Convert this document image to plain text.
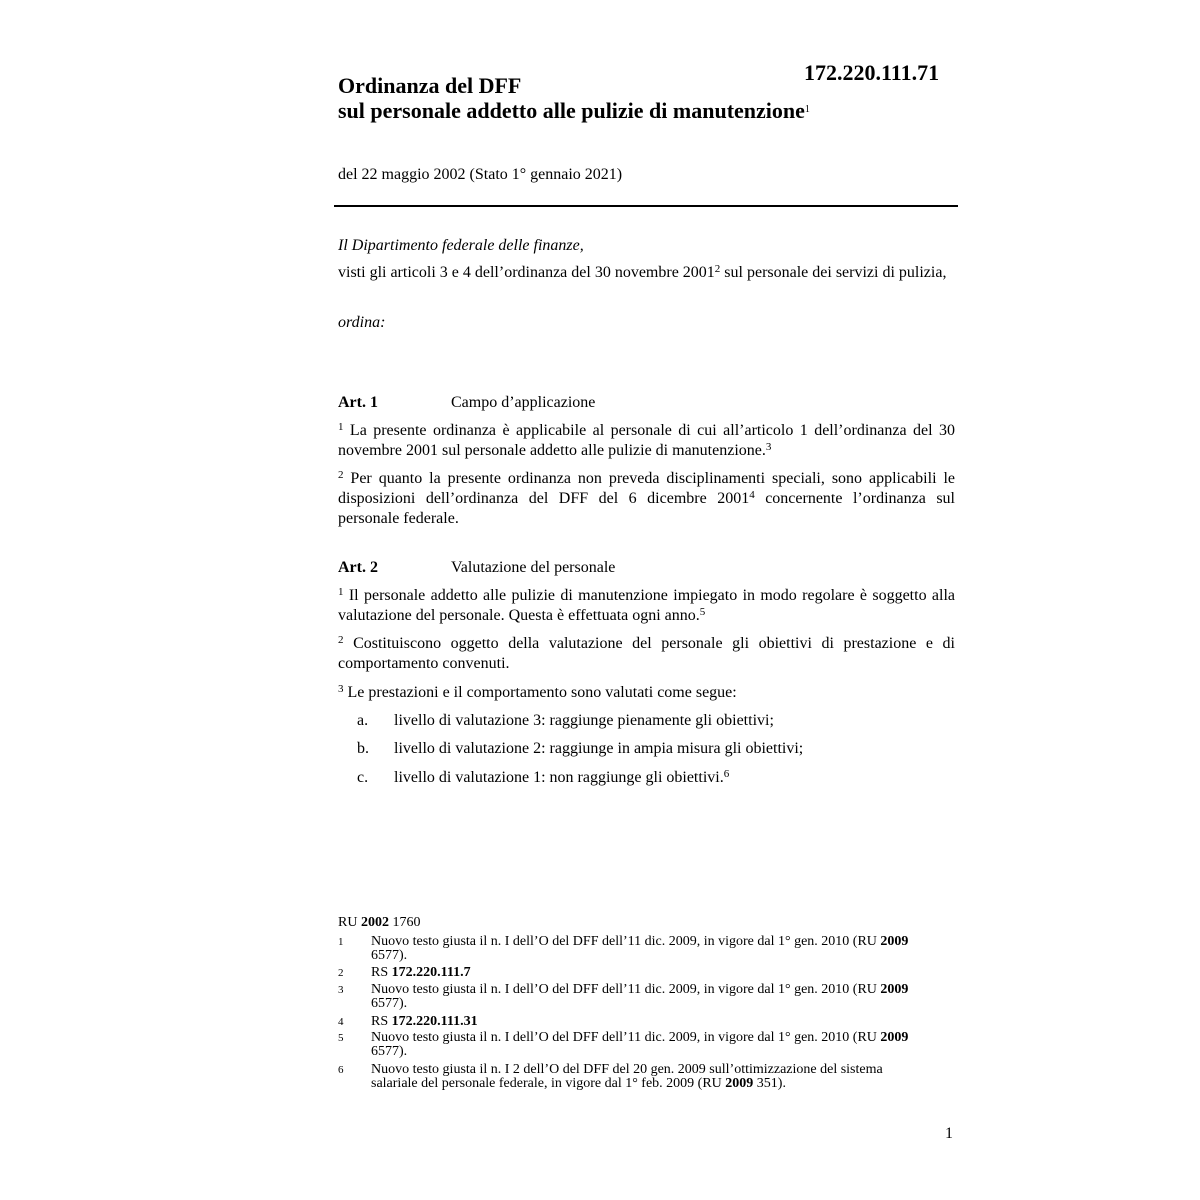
172.220.111.71
Ordinanza del DFF
sul personale addetto alle pulizie di manutenzione$^1$
del 22 maggio 2002 (Stato 1° gennaio 2021)
Il Dipartimento federale delle finanze,
visti gli articoli 3 e 4 dell’ordinanza del 30 novembre 2001$^2$ sul personale dei servizi di pulizia,
ordina:
Art. 1	Campo d’applicazione
$^1$ La presente ordinanza è applicabile al personale di cui all’articolo 1 dell’ordinanza del 30 novembre 2001 sul personale addetto alle pulizie di manutenzione.$^3$
$^2$ Per quanto la presente ordinanza non preveda disciplinamenti speciali, sono applicabili le disposizioni dell’ordinanza del DFF del 6 dicembre 2001$^4$ concernente l’ordinanza sul personale federale.
Art. 2	Valutazione del personale
$^1$ Il personale addetto alle pulizie di manutenzione impiegato in modo regolare è soggetto alla valutazione del personale. Questa è effettuata ogni anno.$^5$
$^2$ Costituiscono oggetto della valutazione del personale gli obiettivi di prestazione e di comportamento convenuti.
$^3$ Le prestazioni e il comportamento sono valutati come segue:
a. livello di valutazione 3: raggiunge pienamente gli obiettivi;
b. livello di valutazione 2: raggiunge in ampia misura gli obiettivi;
c. livello di valutazione 1: non raggiunge gli obiettivi.$^6$
RU 2002 1760
1 Nuovo testo giusta il n. I dell’O del DFF dell’11 dic. 2009, in vigore dal 1° gen. 2010 (RU 2009 6577).
2 RS 172.220.111.7
3 Nuovo testo giusta il n. I dell’O del DFF dell’11 dic. 2009, in vigore dal 1° gen. 2010 (RU 2009 6577).
4 RS 172.220.111.31
5 Nuovo testo giusta il n. I dell’O del DFF dell’11 dic. 2009, in vigore dal 1° gen. 2010 (RU 2009 6577).
6 Nuovo testo giusta il n. I 2 dell’O del DFF del 20 gen. 2009 sull’ottimizzazione del sistema salariale del personale federale, in vigore dal 1° feb. 2009 (RU 2009 351).
1
